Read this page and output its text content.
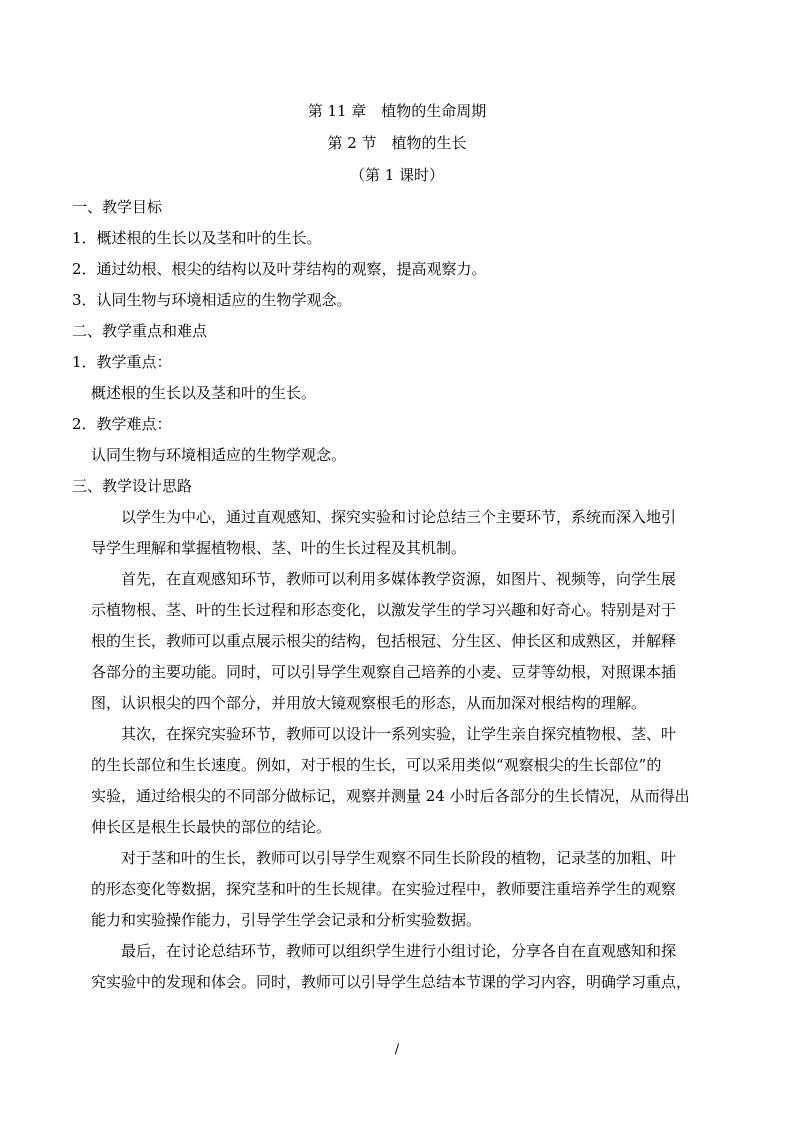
第 11 章　植物的生命周期
第 2 节　植物的生长
（第 1 课时）
一、教学目标
1．概述根的生长以及茎和叶的生长。
2．通过幼根、根尖的结构以及叶芽结构的观察，提高观察力。
3．认同生物与环境相适应的生物学观念。
二、教学重点和难点
1．教学重点：
概述根的生长以及茎和叶的生长。
2．教学难点：
认同生物与环境相适应的生物学观念。
三、教学设计思路
以学生为中心，通过直观感知、探究实验和讨论总结三个主要环节，系统而深入地引
导学生理解和掌握植物根、茎、叶的生长过程及其机制。
首先，在直观感知环节，教师可以利用多媒体教学资源，如图片、视频等，向学生展
示植物根、茎、叶的生长过程和形态变化，以激发学生的学习兴趣和好奇心。特别是对于
根的生长，教师可以重点展示根尖的结构，包括根冠、分生区、伸长区和成熟区，并解释
各部分的主要功能。同时，可以引导学生观察自己培养的小麦、豆芽等幼根，对照课本插
图，认识根尖的四个部分，并用放大镜观察根毛的形态，从而加深对根结构的理解。
其次，在探究实验环节，教师可以设计一系列实验，让学生亲自探究植物根、茎、叶
的生长部位和生长速度。例如，对于根的生长，可以采用类似“观察根尖的生长部位”的
实验，通过给根尖的不同部分做标记，观察并测量 24 小时后各部分的生长情况，从而得出
伸长区是根生长最快的部位的结论。
对于茎和叶的生长，教师可以引导学生观察不同生长阶段的植物，记录茎的加粗、叶
的形态变化等数据，探究茎和叶的生长规律。在实验过程中，教师要注重培养学生的观察
能力和实验操作能力，引导学生学会记录和分析实验数据。
最后，在讨论总结环节，教师可以组织学生进行小组讨论，分享各自在直观感知和探
究实验中的发现和体会。同时，教师可以引导学生总结本节课的学习内容，明确学习重点，
/
